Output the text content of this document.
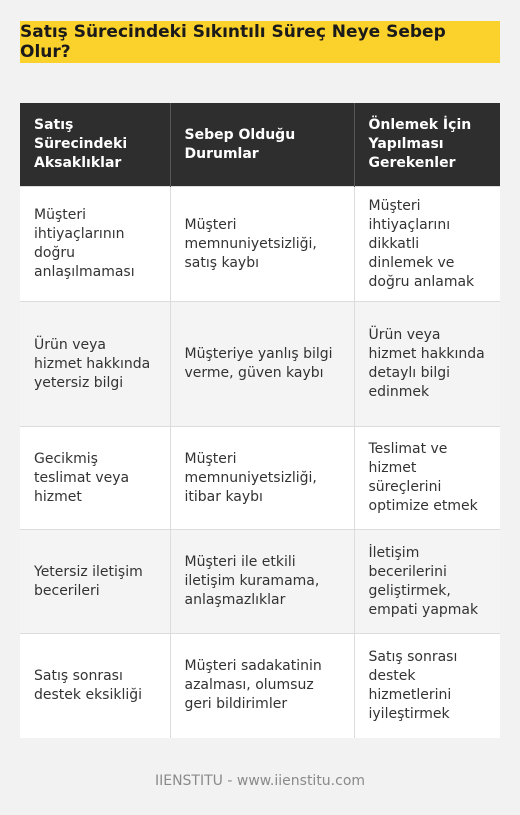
Satış Sürecindeki Sıkıntılı Süreç Neye Sebep Olur?
Satış Sürecindeki Aksaklıklar	Sebep Olduğu Durumlar	Önlemek İçin Yapılması Gerekenler
Müşteri ihtiyaçlarının doğru anlaşılmaması	Müşteri memnuniyetsizliği, satış kaybı	Müşteri ihtiyaçlarını dikkatli dinlemek ve doğru anlamak
Ürün veya hizmet hakkında yetersiz bilgi	Müşteriye yanlış bilgi verme, güven kaybı	Ürün veya hizmet hakkında detaylı bilgi edinmek
Gecikmiş teslimat veya hizmet	Müşteri memnuniyetsizliği, itibar kaybı	Teslimat ve hizmet süreçlerini optimize etmek
Yetersiz iletişim becerileri	Müşteri ile etkili iletişim kuramama, anlaşmazlıklar	İletişim becerilerini geliştirmek, empati yapmak
Satış sonrası destek eksikliği	Müşteri sadakatinin azalması, olumsuz geri bildirimler	Satış sonrası destek hizmetlerini iyileştirmek
IIENSTITU - www.iienstitu.com
